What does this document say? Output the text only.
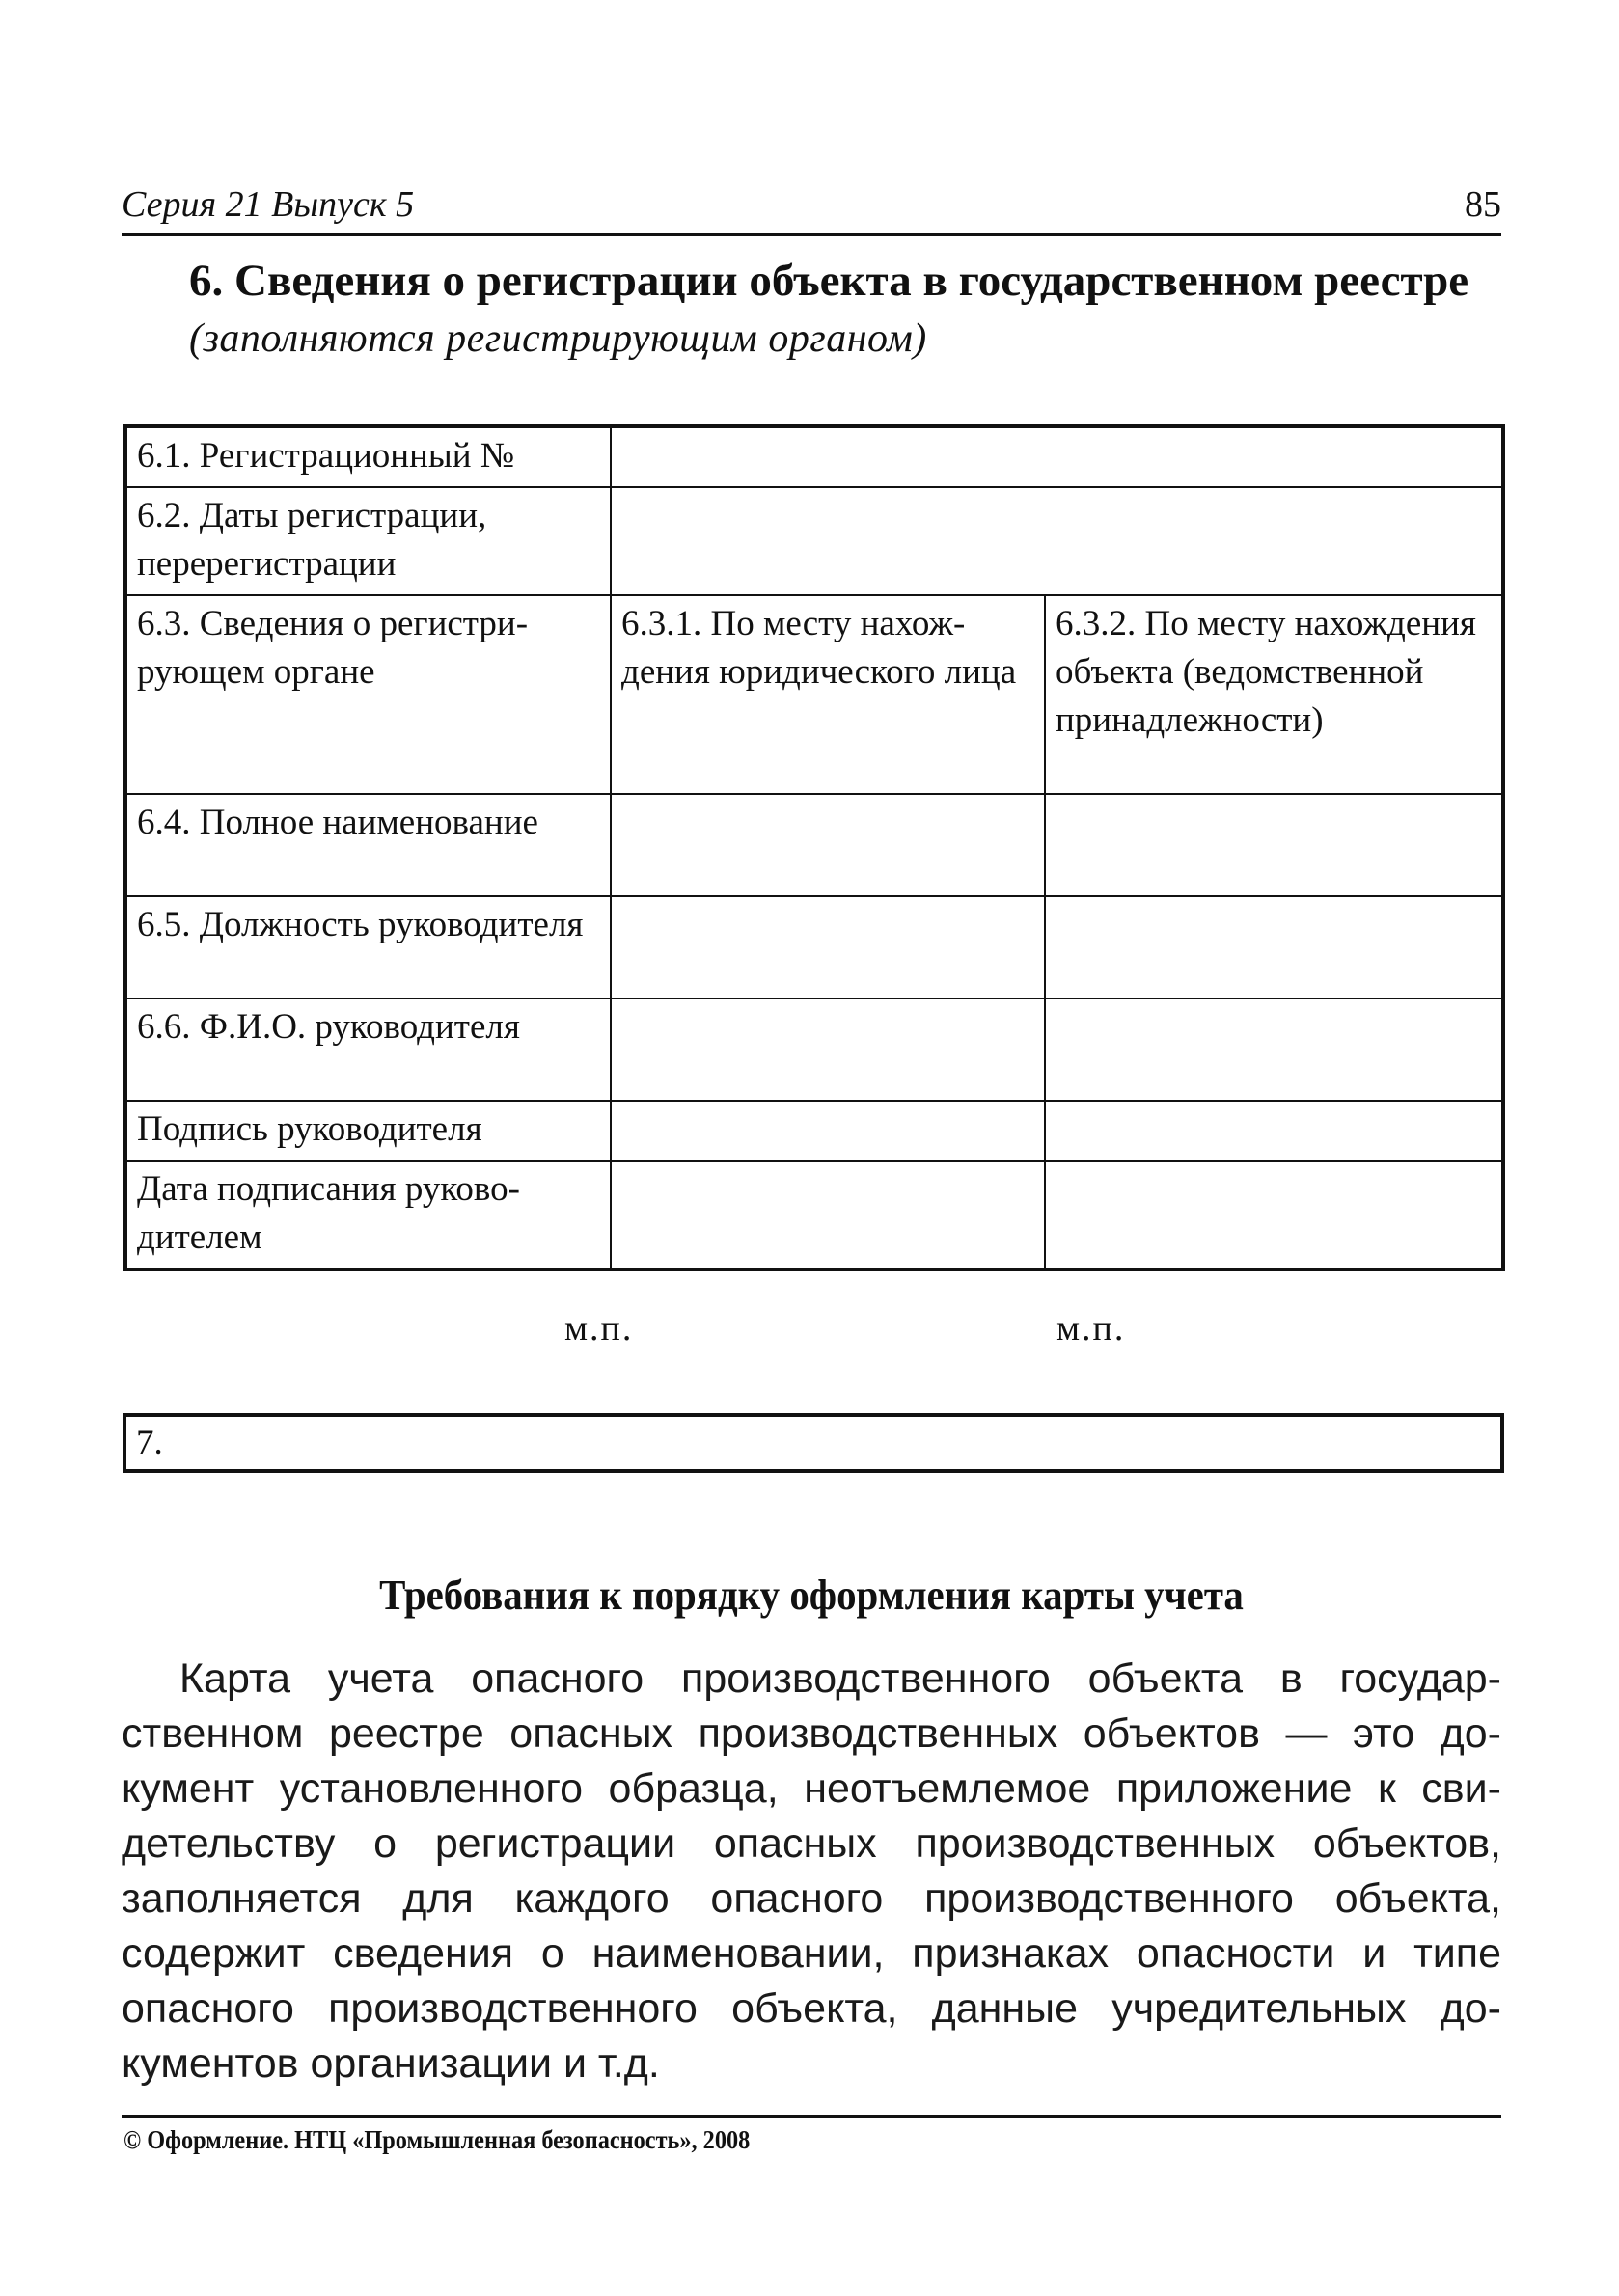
Серия 21 Выпуск 5	85
6. Сведения о регистрации объекта в государственном реестре
(заполняются регистрирующим органом)
6.1. Регистрационный №		
6.2. Даты регистрации, перерегистрации		
6.3. Сведения о регистрирующем органе	6.3.1. По месту нахождения юридического лица	6.3.2. По месту нахождения объекта (ведомственной принадлежности)
6.4. Полное наименование		
6.5. Должность руководителя		
6.6. Ф.И.О. руководителя		
Подпись руководителя		
Дата подписания руководителем		
м.п.	м.п.
7.
Требования к порядку оформления карты учета
Карта учета опасного производственного объекта в государ-
ственном реестре опасных производственных объектов — это до-
кумент установленного образца, неотъемлемое приложение к сви-
детельству о регистрации опасных производственных объектов,
заполняется для каждого опасного производственного объекта,
содержит сведения о наименовании, признаках опасности и типе
опасного производственного объекта, данные учредительных до-
кументов организации и т.д.
© Оформление. НТЦ «Промышленная безопасность», 2008
